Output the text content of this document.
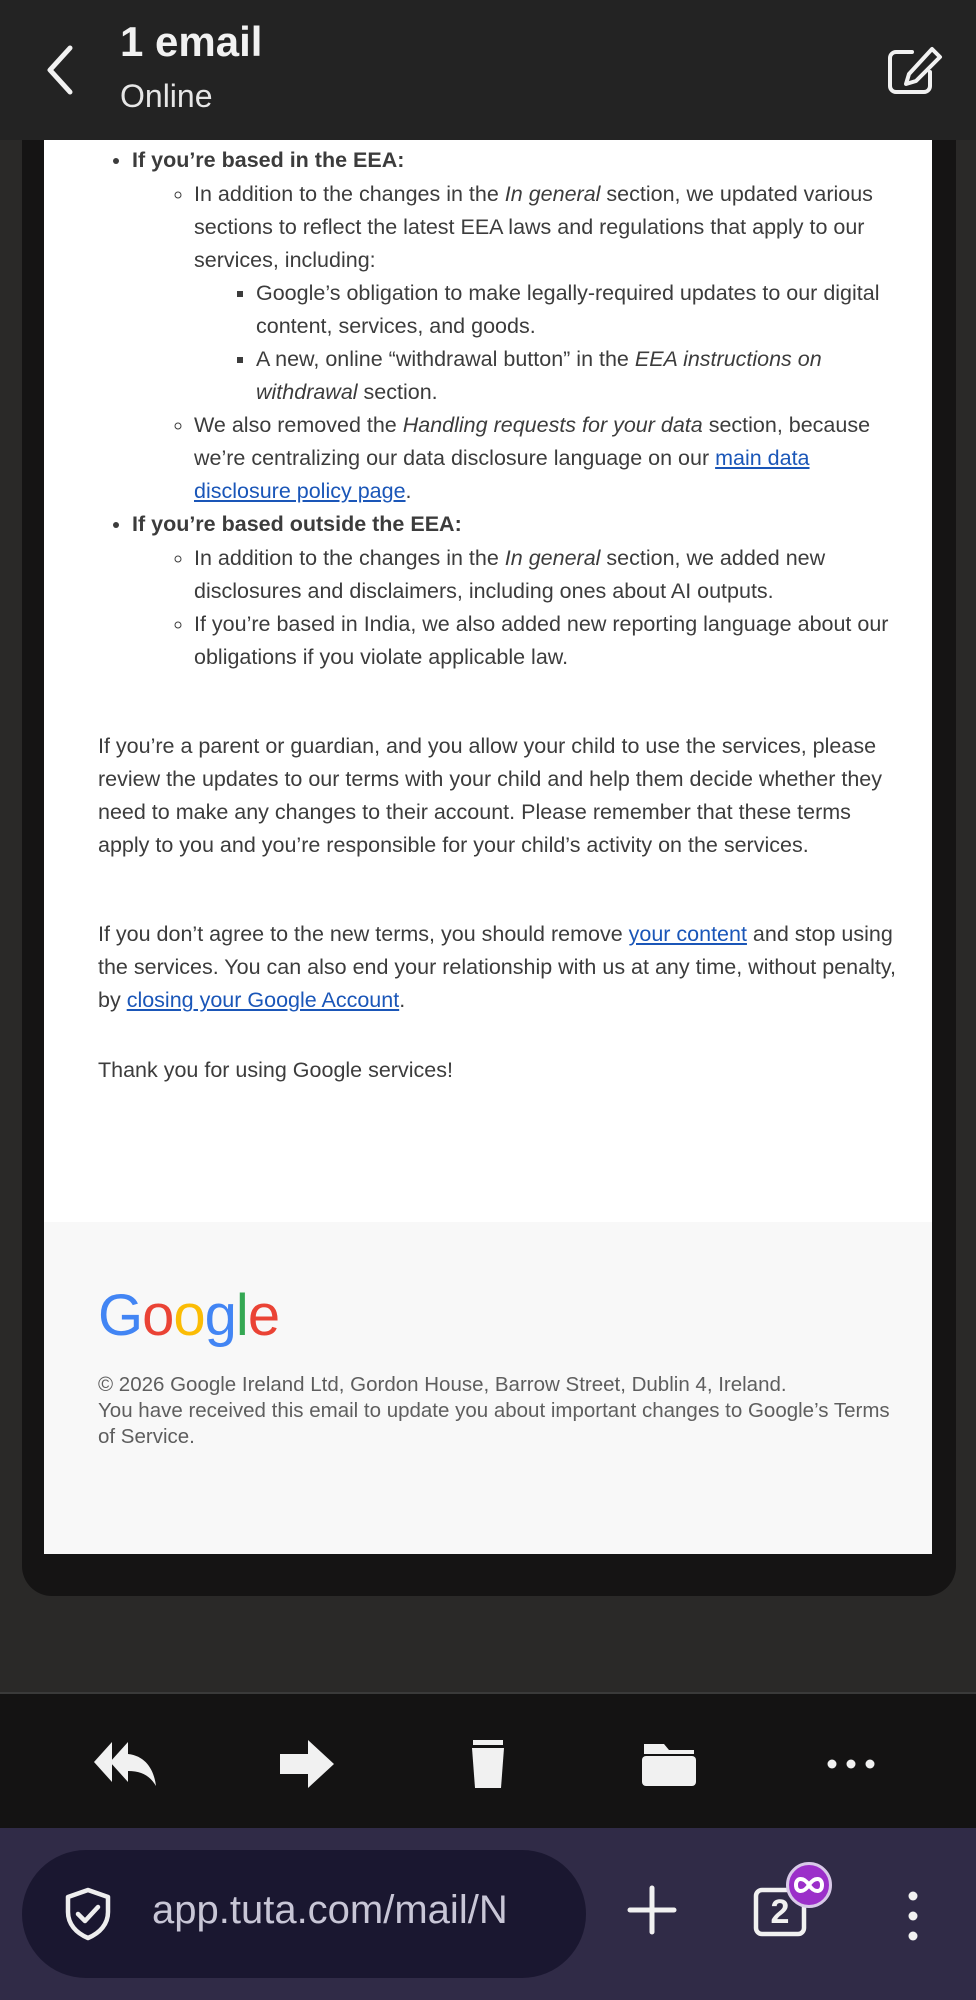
1 email
Online
• If you’re based in the EEA:
◦ In addition to the changes in the In general section, we updated various sections to reflect the latest EEA laws and regulations that apply to our services, including:
▪ Google’s obligation to make legally-required updates to our digital content, services, and goods.
▪ A new, online “withdrawal button” in the EEA instructions on withdrawal section.
◦ We also removed the Handling requests for your data section, because we’re centralizing our data disclosure language on our main data disclosure policy page.
• If you’re based outside the EEA:
◦ In addition to the changes in the In general section, we added new disclosures and disclaimers, including ones about AI outputs.
◦ If you’re based in India, we also added new reporting language about our obligations if you violate applicable law.

If you’re a parent or guardian, and you allow your child to use the services, please review the updates to our terms with your child and help them decide whether they need to make any changes to their account. Please remember that these terms apply to you and you’re responsible for your child’s activity on the services.

If you don’t agree to the new terms, you should remove your content and stop using the services. You can also end your relationship with us at any time, without penalty, by closing your Google Account.

Thank you for using Google services!

Google
© 2026 Google Ireland Ltd, Gordon House, Barrow Street, Dublin 4, Ireland.
You have received this email to update you about important changes to Google’s Terms of Service.
app.tuta.com/mail/N	2
